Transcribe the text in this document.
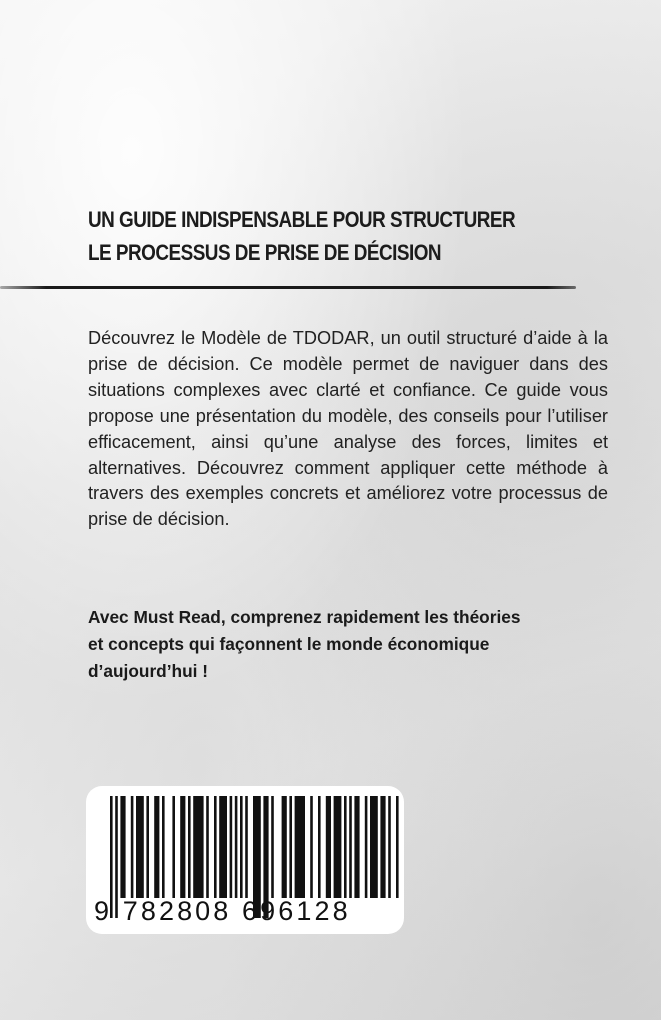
UN GUIDE INDISPENSABLE POUR STRUCTURER
LE PROCESSUS DE PRISE DE DÉCISION

Découvrez le Modèle de TDODAR, un outil structuré d’aide à la prise de décision. Ce modèle permet de naviguer dans des situations complexes avec clarté et confiance. Ce guide vous propose une présentation du modèle, des conseils pour l’utiliser efficacement, ainsi qu’une analyse des forces, limites et alternatives. Découvrez comment appliquer cette méthode à travers des exemples concrets et améliorez votre processus de prise de décision.

Avec Must Read, comprenez rapidement les théories et concepts qui façonnent le monde économique d’aujourd’hui !

9 782808 696128
